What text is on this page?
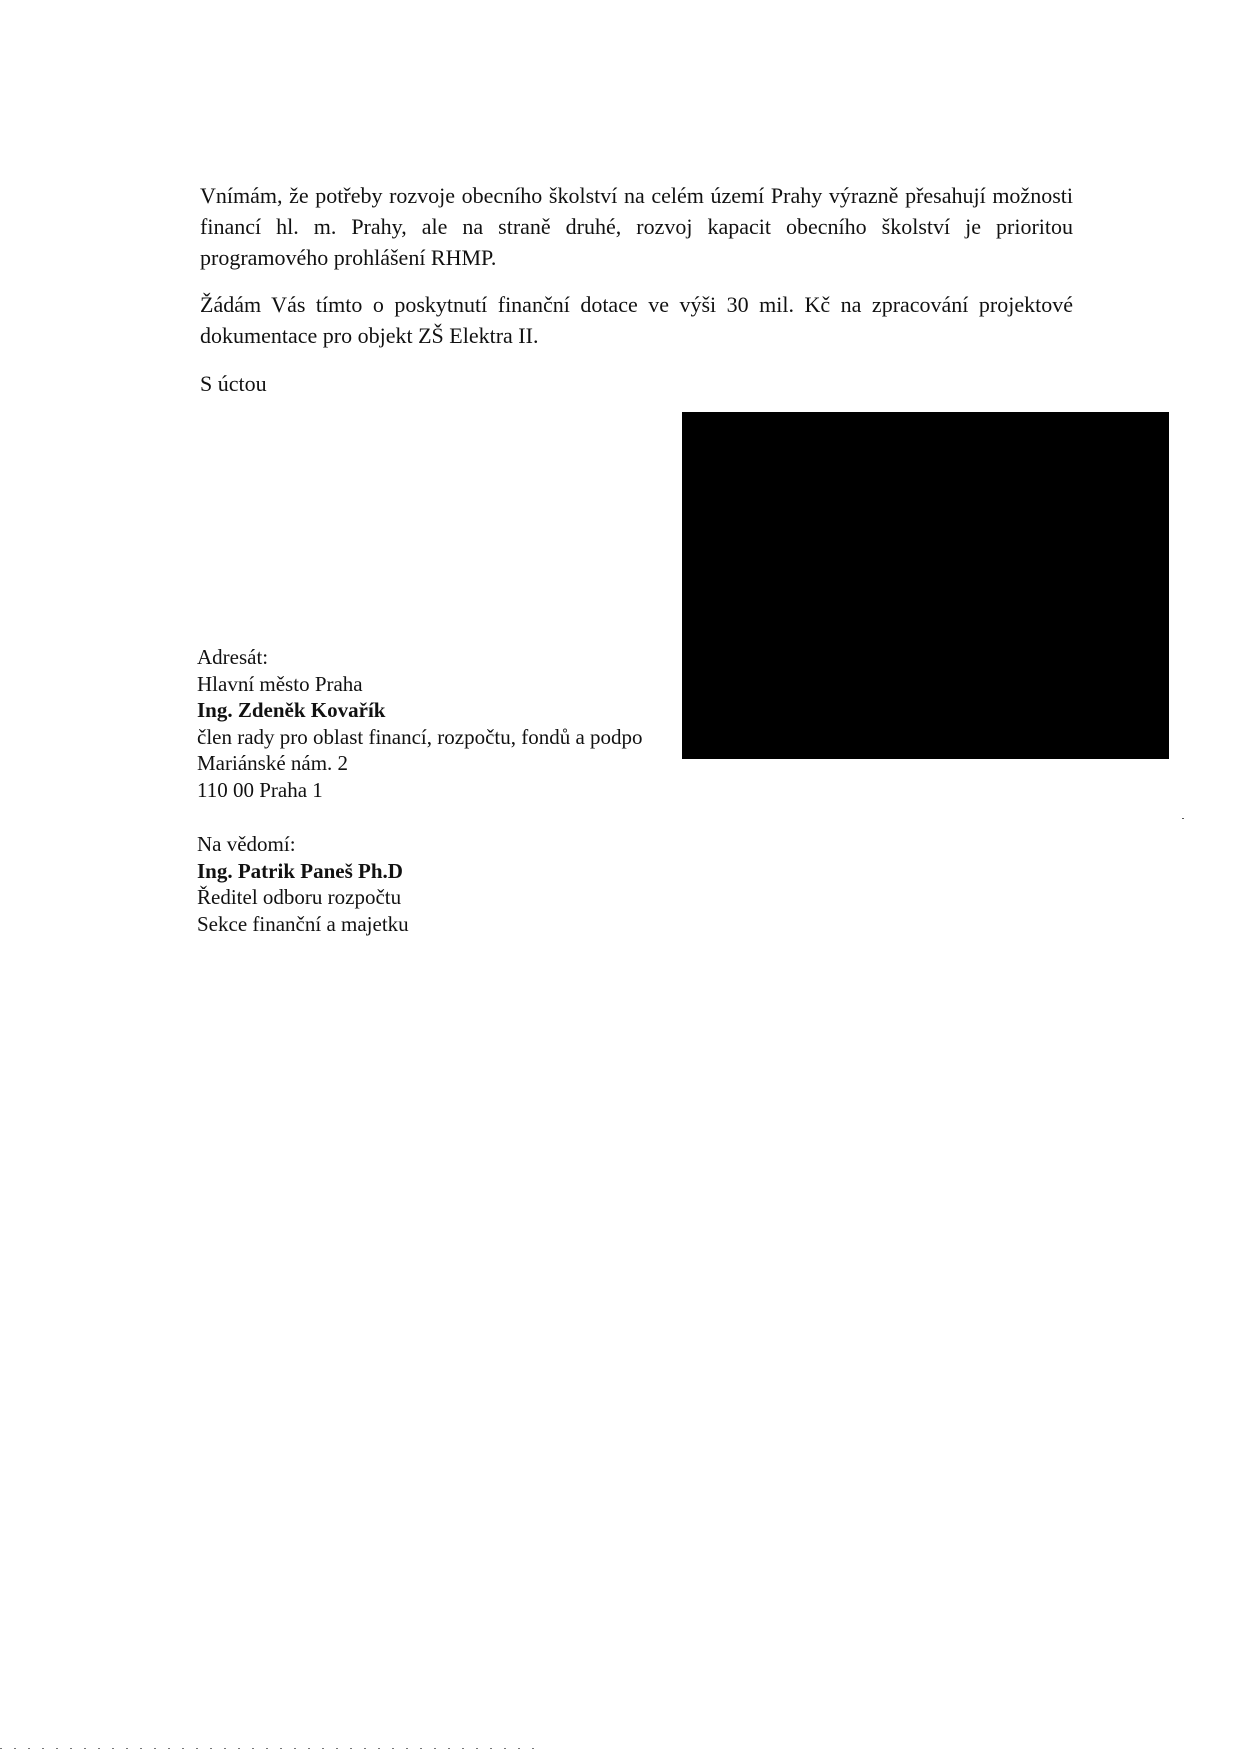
Vnímám, že potřeby rozvoje obecního školství na celém území Prahy výrazně přesahují možnosti financí hl. m. Prahy, ale na straně druhé, rozvoj kapacit obecního školství je prioritou programového prohlášení RHMP.

Žádám Vás tímto o poskytnutí finanční dotace ve výši 30 mil. Kč na zpracování projektové dokumentace pro objekt ZŠ Elektra II.

S úctou

Adresát:
Hlavní město Praha
Ing. Zdeněk Kovařík
člen rady pro oblast financí, rozpočtu, fondů a podpo
Mariánské nám. 2
110 00 Praha 1
Na vědomí:
Ing. Patrik Paneš Ph.D
Ředitel odboru rozpočtu
Sekce finanční a majetku
